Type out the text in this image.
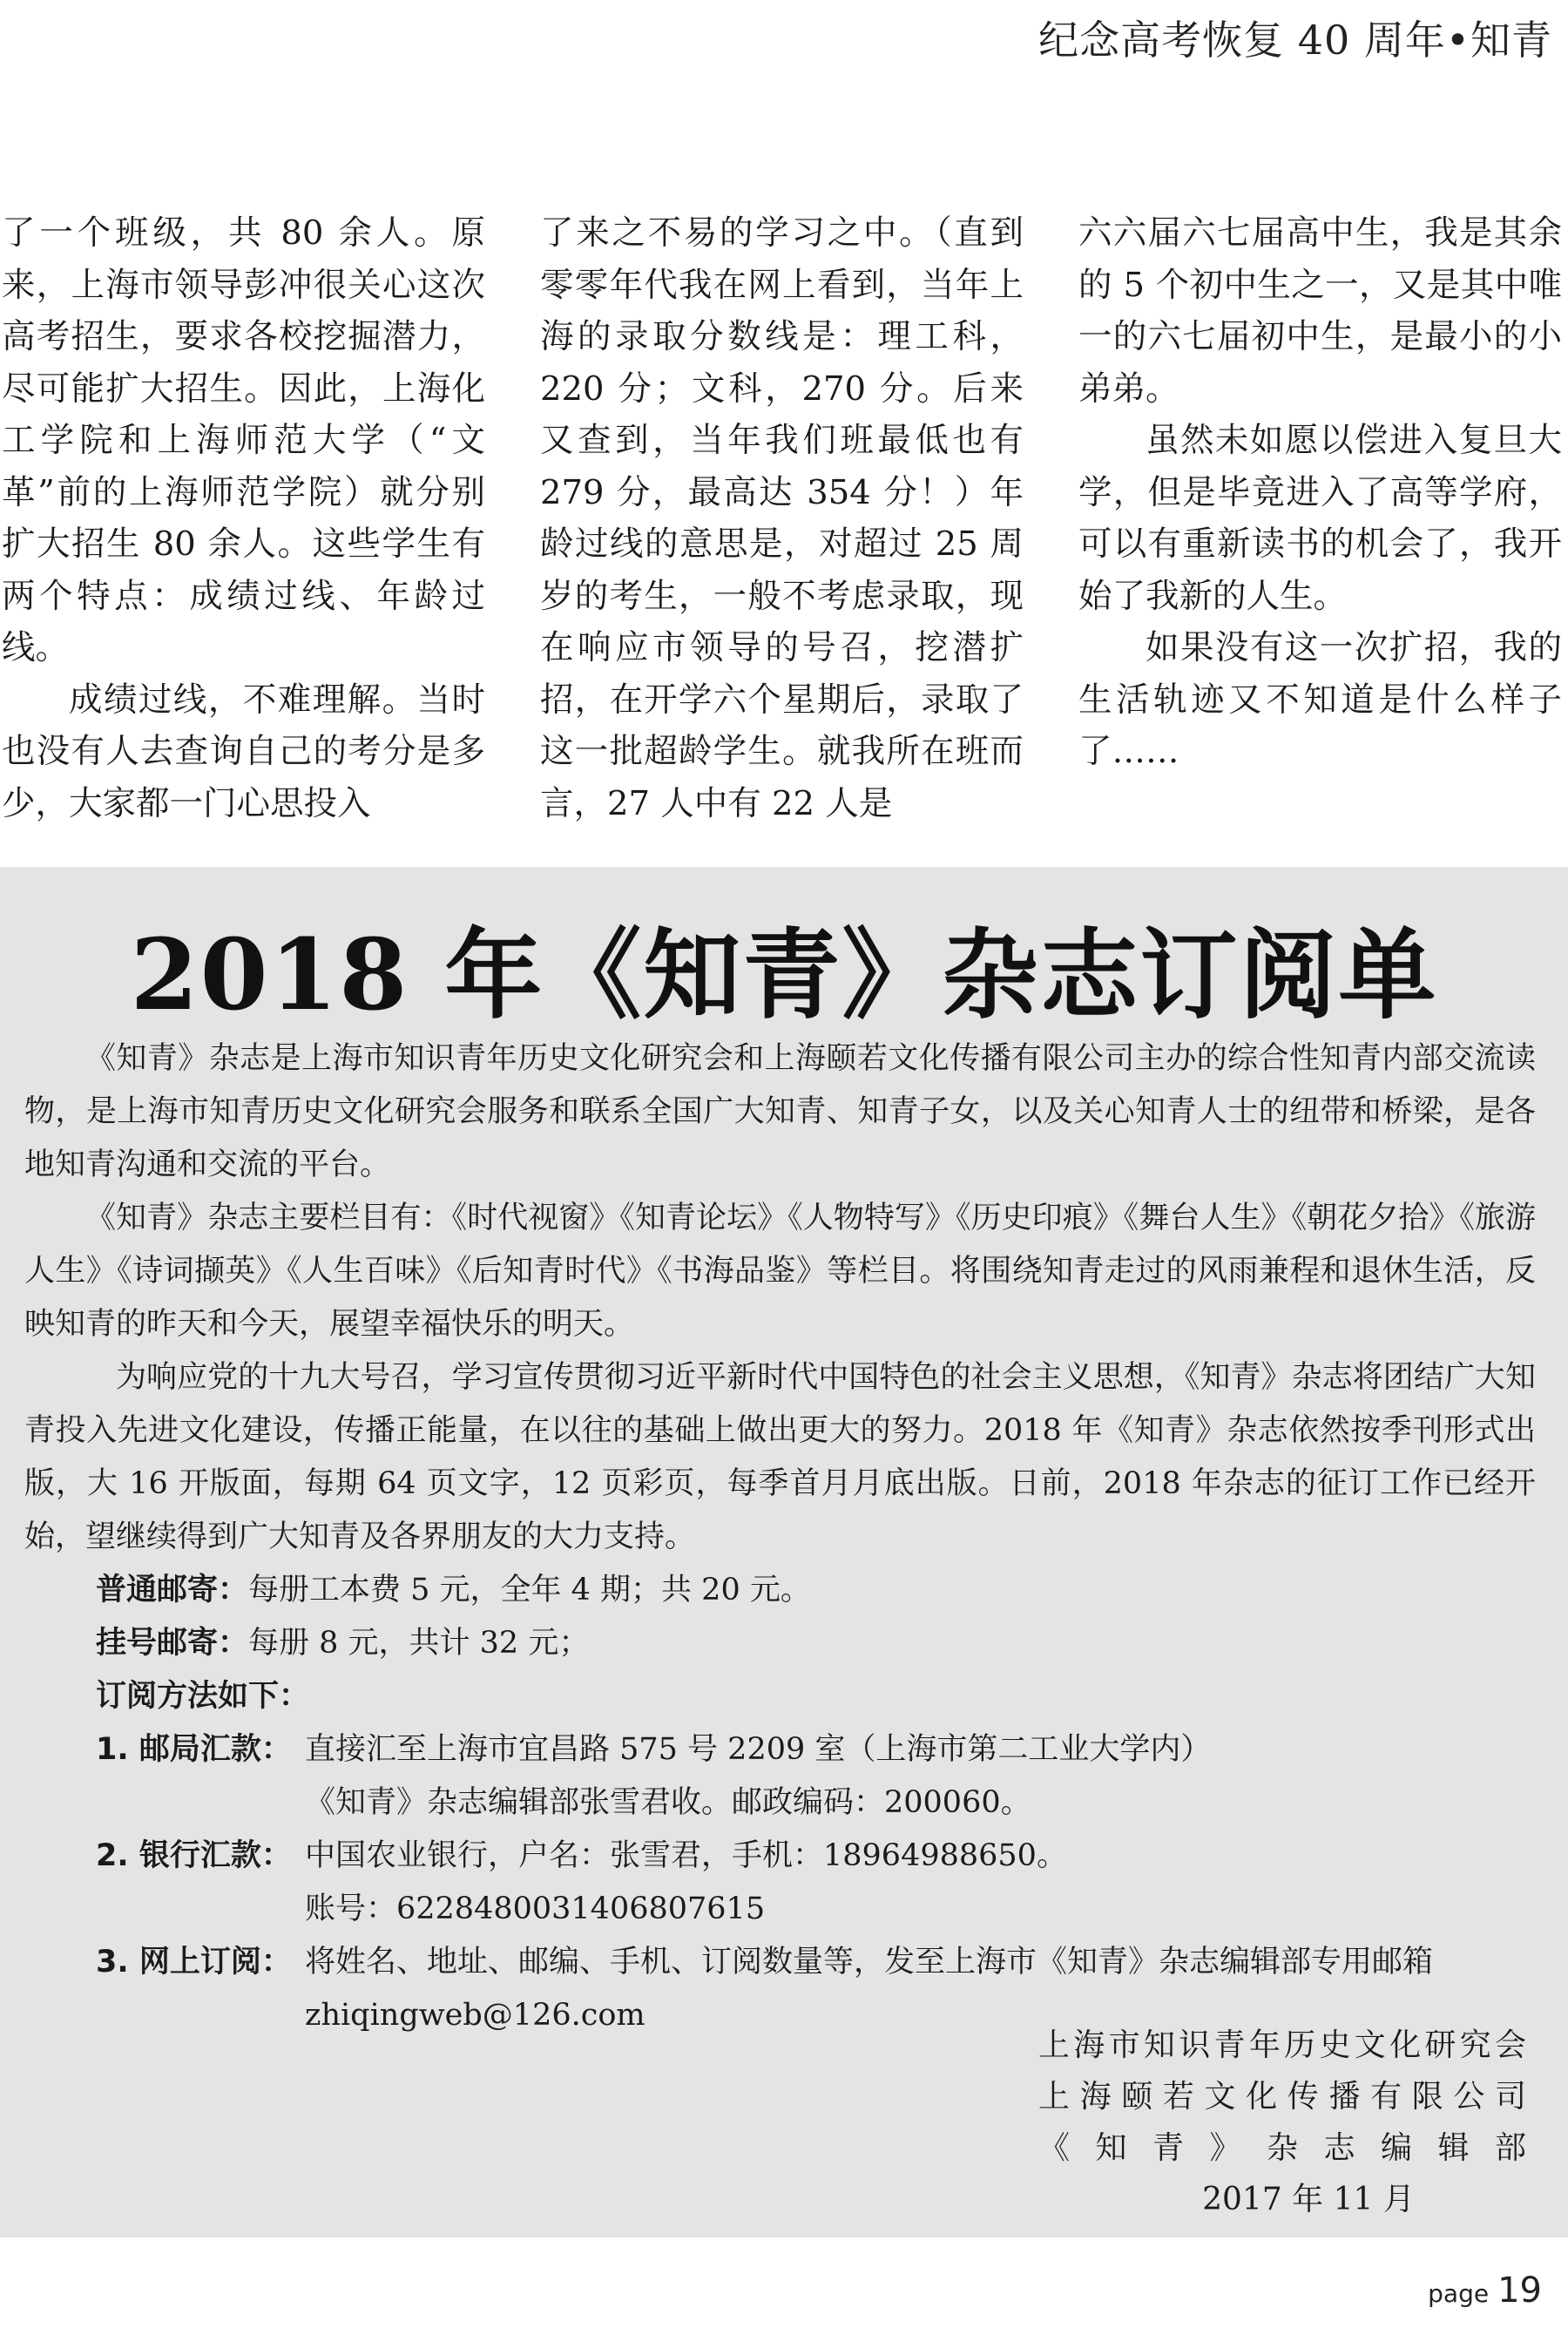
纪念高考恢复 40 周年•知青

了一个班级，共 80 余人。原来，上海市领导彭冲很关心这次高考招生，要求各校挖掘潜力，尽可能扩大招生。因此，上海化工学院和上海师范大学（“文革”前的上海师范学院）就分别扩大招生 80 余人。这些学生有两个特点：成绩过线、年龄过线。

成绩过线，不难理解。当时也没有人去查询自己的考分是多少，大家都一门心思投入

了来之不易的学习之中。（直到零零年代我在网上看到，当年上海的录取分数线是：理工科，220 分；文科，270 分。后来又查到，当年我们班最低也有 279 分，最高达 354 分！）年龄过线的意思是，对超过 25 周岁的考生，一般不考虑录取，现在响应市领导的号召，挖潜扩招，在开学六个星期后，录取了这一批超龄学生。就我所在班而言，27 人中有 22 人是

六六届六七届高中生，我是其余的 5 个初中生之一，又是其中唯一的六七届初中生，是最小的小弟弟。

虽然未如愿以偿进入复旦大学，但是毕竟进入了高等学府，可以有重新读书的机会了，我开始了我新的人生。

如果没有这一次扩招，我的生活轨迹又不知道是什么样子了……

2018 年《知青》杂志订阅单

《知青》杂志是上海市知识青年历史文化研究会和上海颐若文化传播有限公司主办的综合性知青内部交流读物，是上海市知青历史文化研究会服务和联系全国广大知青、知青子女，以及关心知青人士的纽带和桥梁，是各地知青沟通和交流的平台。

《知青》杂志主要栏目有：《时代视窗》《知青论坛》《人物特写》《历史印痕》《舞台人生》《朝花夕拾》《旅游人生》《诗词撷英》《人生百味》《后知青时代》《书海品鉴》等栏目。将围绕知青走过的风雨兼程和退休生活，反映知青的昨天和今天，展望幸福快乐的明天。

为响应党的十九大号召，学习宣传贯彻习近平新时代中国特色的社会主义思想，《知青》杂志将团结广大知青投入先进文化建设，传播正能量，在以往的基础上做出更大的努力。2018 年《知青》杂志依然按季刊形式出版，大 16 开版面，每期 64 页文字，12 页彩页，每季首月月底出版。日前，2018 年杂志的征订工作已经开始，望继续得到广大知青及各界朋友的大力支持。

普通邮寄：每册工本费 5 元，全年 4 期；共 20 元。
挂号邮寄：每册 8 元，共计 32 元；
订阅方法如下：
1. 邮局汇款： 直接汇至上海市宜昌路 575 号 2209 室（上海市第二工业大学内）
《知青》杂志编辑部张雪君收。邮政编码：200060。
2. 银行汇款： 中国农业银行，户名：张雪君，手机：18964988650。
账号：6228480031406807615
3. 网上订阅： 将姓名、地址、邮编、手机、订阅数量等，发至上海市《知青》杂志编辑部专用邮箱 zhiqingweb@126.com
上海市知识青年历史文化研究会
上海颐若文化传播有限公司
《知青》杂志编辑部
2017 年 11 月
page 19
